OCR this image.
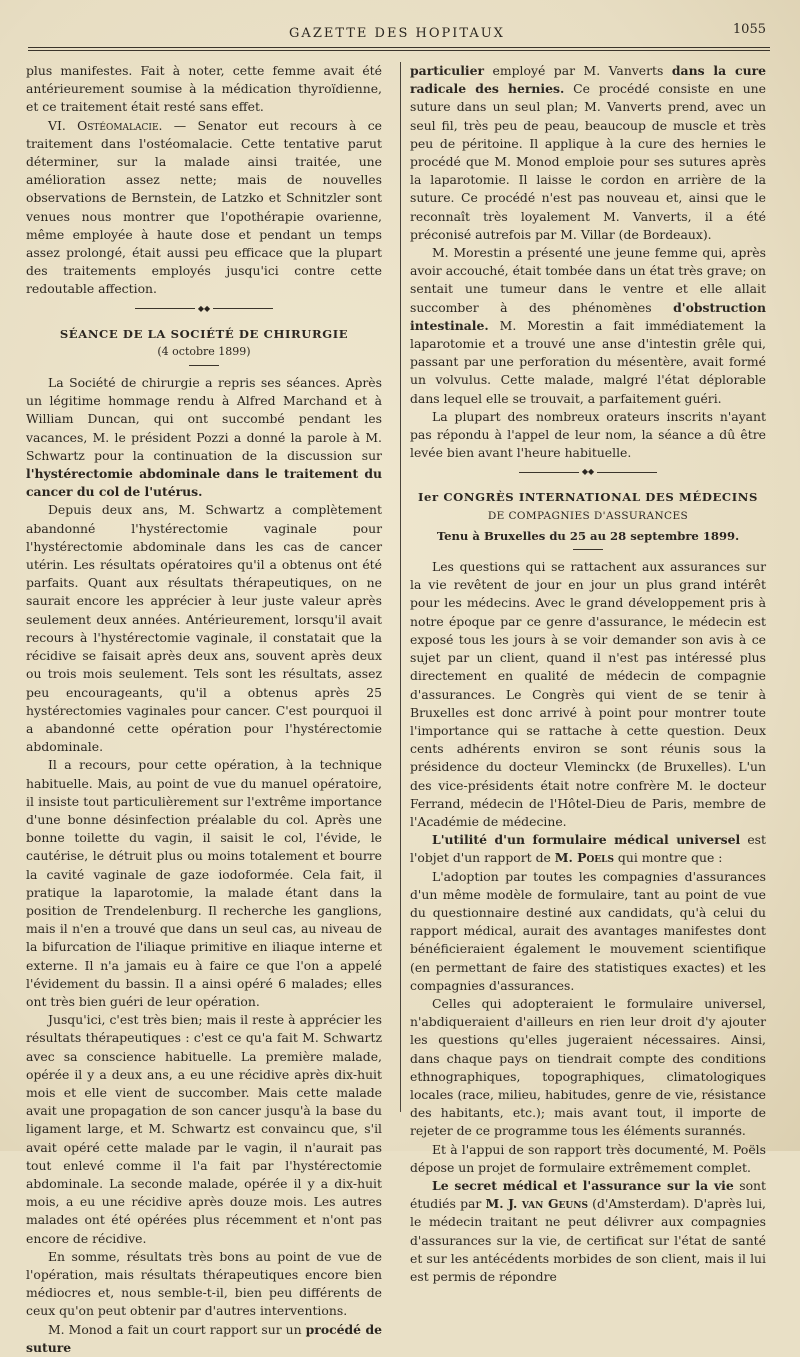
GAZETTE DES HOPITAUX	1055

plus manifestes. Fait à noter, cette femme avait été antérieurement soumise à la médication thyroïdienne, et ce traitement était resté sans effet.

VI. Ostéomalacie. — Senator eut recours à ce traitement dans l'ostéomalacie. Cette tentative parut déterminer, sur la malade ainsi traitée, une amélioration assez nette; mais de nouvelles observations de Bernstein, de Latzko et Schnitzler sont venues nous montrer que l'opothérapie ovarienne, même employée à haute dose et pendant un temps assez prolongé, était aussi peu efficace que la plupart des traitements employés jusqu'ici contre cette redoutable affection.

◆◆
SÉANCE DE LA SOCIÉTÉ DE CHIRURGIE
(4 octobre 1899)

La Société de chirurgie a repris ses séances. Après un légitime hommage rendu à Alfred Marchand et à William Duncan, qui ont succombé pendant les vacances, M. le président Pozzi a donné la parole à M. Schwartz pour la continuation de la discussion sur l'hystérectomie abdominale dans le traitement du cancer du col de l'utérus.

Depuis deux ans, M. Schwartz a complètement abandonné l'hystérectomie vaginale pour l'hystérectomie abdominale dans les cas de cancer utérin. Les résultats opératoires qu'il a obtenus ont été parfaits. Quant aux résultats thérapeutiques, on ne saurait encore les apprécier à leur juste valeur après seulement deux années. Antérieurement, lorsqu'il avait recours à l'hystérectomie vaginale, il constatait que la récidive se faisait après deux ans, souvent après deux ou trois mois seulement. Tels sont les résultats, assez peu encourageants, qu'il a obtenus après 25 hystérectomies vaginales pour cancer. C'est pourquoi il a abandonné cette opération pour l'hystérectomie abdominale.

Il a recours, pour cette opération, à la technique habituelle. Mais, au point de vue du manuel opératoire, il insiste tout particulièrement sur l'extrême importance d'une bonne désinfection préalable du col. Après une bonne toilette du vagin, il saisit le col, l'évide, le cautérise, le détruit plus ou moins totalement et bourre la cavité vaginale de gaze iodoformée. Cela fait, il pratique la laparotomie, la malade étant dans la position de Trendelenburg. Il recherche les ganglions, mais il n'en a trouvé que dans un seul cas, au niveau de la bifurcation de l'iliaque primitive en iliaque interne et externe. Il n'a jamais eu à faire ce que l'on a appelé l'évidement du bassin. Il a ainsi opéré 6 malades; elles ont très bien guéri de leur opération.

Jusqu'ici, c'est très bien; mais il reste à apprécier les résultats thérapeutiques : c'est ce qu'a fait M. Schwartz avec sa conscience habituelle. La première malade, opérée il y a deux ans, a eu une récidive après dix-huit mois et elle vient de succomber. Mais cette malade avait une propagation de son cancer jusqu'à la base du ligament large, et M. Schwartz est convaincu que, s'il avait opéré cette malade par le vagin, il n'aurait pas tout enlevé comme il l'a fait par l'hystérectomie abdominale. La seconde malade, opérée il y a dix-huit mois, a eu une récidive après douze mois. Les autres malades ont été opérées plus récemment et n'ont pas encore de récidive.

En somme, résultats très bons au point de vue de l'opération, mais résultats thérapeutiques encore bien médiocres et, nous semble-t-il, bien peu différents de ceux qu'on peut obtenir par d'autres interventions.

M. Monod a fait un court rapport sur un procédé de suture

particulier employé par M. Vanverts dans la cure radicale des hernies. Ce procédé consiste en une suture dans un seul plan; M. Vanverts prend, avec un seul fil, très peu de peau, beaucoup de muscle et très peu de péritoine. Il applique à la cure des hernies le procédé que M. Monod emploie pour ses sutures après la laparotomie. Il laisse le cordon en arrière de la suture. Ce procédé n'est pas nouveau et, ainsi que le reconnaît très loyalement M. Vanverts, il a été préconisé autrefois par M. Villar (de Bordeaux).

M. Morestin a présenté une jeune femme qui, après avoir accouché, était tombée dans un état très grave; on sentait une tumeur dans le ventre et elle allait succomber à des phénomènes d'obstruction intestinale. M. Morestin a fait immédiatement la laparotomie et a trouvé une anse d'intestin grêle qui, passant par une perforation du mésentère, avait formé un volvulus. Cette malade, malgré l'état déplorable dans lequel elle se trouvait, a parfaitement guéri.

La plupart des nombreux orateurs inscrits n'ayant pas répondu à l'appel de leur nom, la séance a dû être levée bien avant l'heure habituelle.

◆◆
Ier CONGRÈS INTERNATIONAL DES MÉDECINS
DE COMPAGNIES D'ASSURANCES
Tenu à Bruxelles du 25 au 28 septembre 1899.

Les questions qui se rattachent aux assurances sur la vie revêtent de jour en jour un plus grand intérêt pour les médecins. Avec le grand développement pris à notre époque par ce genre d'assurance, le médecin est exposé tous les jours à se voir demander son avis à ce sujet par un client, quand il n'est pas intéressé plus directement en qualité de médecin de compagnie d'assurances. Le Congrès qui vient de se tenir à Bruxelles est donc arrivé à point pour montrer toute l'importance qui se rattache à cette question. Deux cents adhérents environ se sont réunis sous la présidence du docteur Vleminckx (de Bruxelles). L'un des vice-présidents était notre confrère M. le docteur Ferrand, médecin de l'Hôtel-Dieu de Paris, membre de l'Académie de médecine.

L'utilité d'un formulaire médical universel est l'objet d'un rapport de M. Poels qui montre que :

L'adoption par toutes les compagnies d'assurances d'un même modèle de formulaire, tant au point de vue du questionnaire destiné aux candidats, qu'à celui du rapport médical, aurait des avantages manifestes dont bénéficieraient également le mouvement scientifique (en permettant de faire des statistiques exactes) et les compagnies d'assurances.

Celles qui adopteraient le formulaire universel, n'abdiqueraient d'ailleurs en rien leur droit d'y ajouter les questions qu'elles jugeraient nécessaires. Ainsi, dans chaque pays on tiendrait compte des conditions ethnographiques, topographiques, climatologiques locales (race, milieu, habitudes, genre de vie, résistance des habitants, etc.); mais avant tout, il importe de rejeter de ce programme tous les éléments surannés.

Et à l'appui de son rapport très documenté, M. Poëls dépose un projet de formulaire extrêmement complet.

Le secret médical et l'assurance sur la vie sont étudiés par M. J. van Geuns (d'Amsterdam). D'après lui, le médecin traitant ne peut délivrer aux compagnies d'assurances sur la vie, de certificat sur l'état de santé et sur les antécédents morbides de son client, mais il lui est permis de répondre
